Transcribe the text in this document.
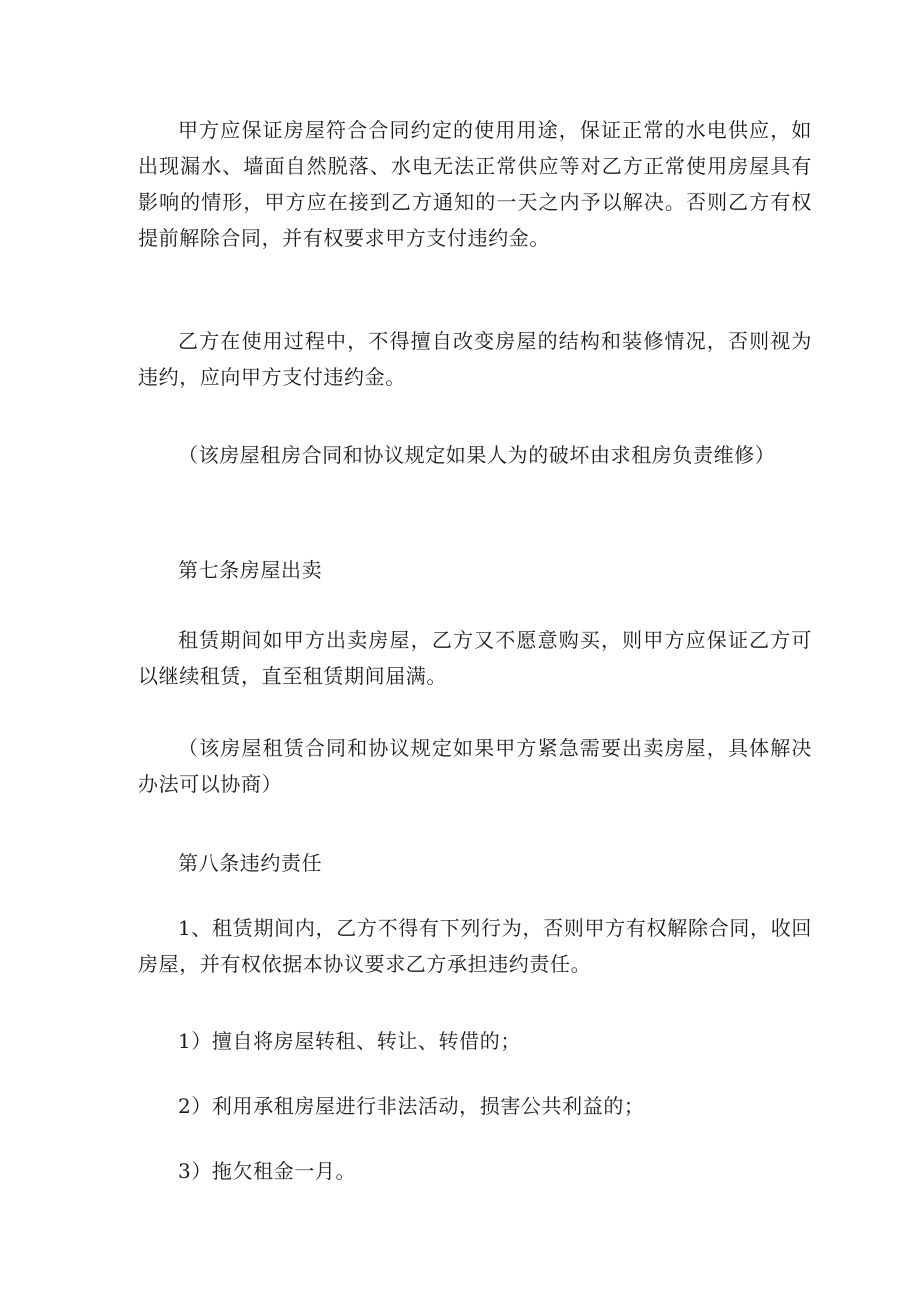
甲方应保证房屋符合合同约定的使用用途，保证正常的水电供应，如出现漏水、墙面自然脱落、水电无法正常供应等对乙方正常使用房屋具有影响的情形，甲方应在接到乙方通知的一天之内予以解决。否则乙方有权提前解除合同，并有权要求甲方支付违约金。

乙方在使用过程中，不得擅自改变房屋的结构和装修情况，否则视为违约，应向甲方支付违约金。

（该房屋租房合同和协议规定如果人为的破坏由求租房负责维修）

第七条房屋出卖

租赁期间如甲方出卖房屋，乙方又不愿意购买，则甲方应保证乙方可以继续租赁，直至租赁期间届满。

（该房屋租赁合同和协议规定如果甲方紧急需要出卖房屋，具体解决办法可以协商）

第八条违约责任

1、租赁期间内，乙方不得有下列行为，否则甲方有权解除合同，收回房屋，并有权依据本协议要求乙方承担违约责任。

1）擅自将房屋转租、转让、转借的；

2）利用承租房屋进行非法活动，损害公共利益的；

3）拖欠租金一月。
